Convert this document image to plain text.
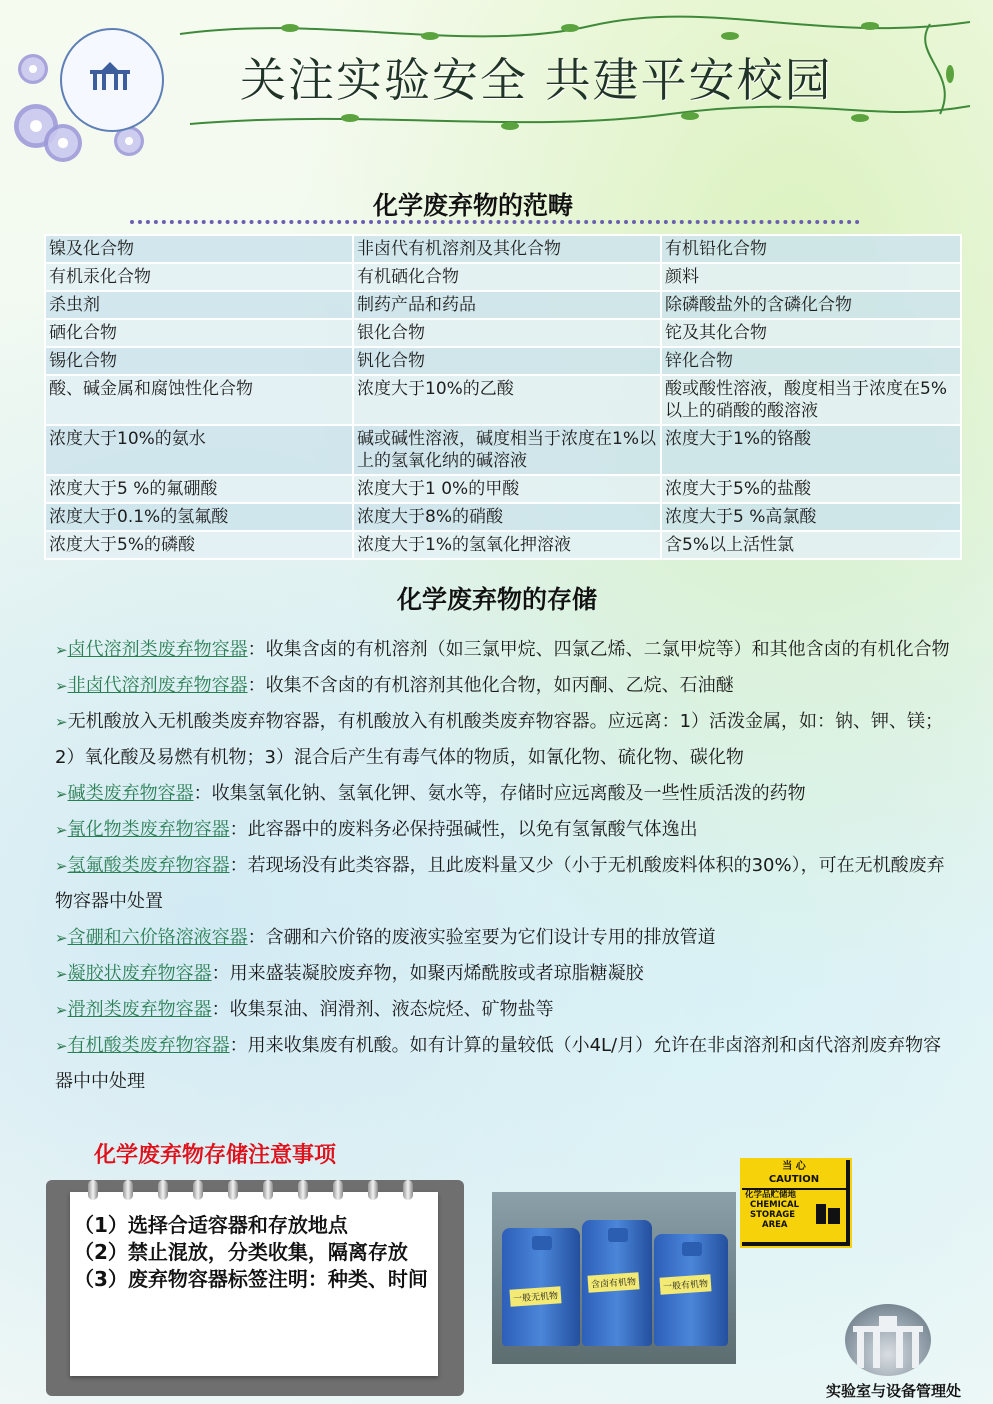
关注实验安全 共建平安校园
化学废弃物的范畴
镍及化合物	非卤代有机溶剂及其化合物	有机铅化合物
有机汞化合物	有机硒化合物	颜料
杀虫剂	制药产品和药品	除磷酸盐外的含磷化合物
硒化合物	银化合物	铊及其化合物
锡化合物	钒化合物	锌化合物
酸、碱金属和腐蚀性化合物	浓度大于10%的乙酸	酸或酸性溶液，酸度相当于浓度在5%以上的硝酸的酸溶液
浓度大于10%的氨水	碱或碱性溶液，碱度相当于浓度在1%以上的氢氧化纳的碱溶液	浓度大于1%的铬酸
浓度大于5 %的氟硼酸	浓度大于1 0%的甲酸	浓度大于5%的盐酸
浓度大于0.1%的氢氟酸	浓度大于8%的硝酸	浓度大于5 %高氯酸
浓度大于5%的磷酸	浓度大于1%的氢氧化押溶液	含5%以上活性氯
化学废弃物的存储

➢卤代溶剂类废弃物容器：收集含卤的有机溶剂（如三氯甲烷、四氯乙烯、二氯甲烷等）和其他含卤的有机化合物

➢非卤代溶剂废弃物容器：收集不含卤的有机溶剂其他化合物，如丙酮、乙烷、石油醚

➢无机酸放入无机酸类废弃物容器，有机酸放入有机酸类废弃物容器。应远离：1）活泼金属，如：钠、钾、镁；2）氧化酸及易燃有机物；3）混合后产生有毒气体的物质，如氰化物、硫化物、碳化物

➢碱类废弃物容器：收集氢氧化钠、氢氧化钾、氨水等，存储时应远离酸及一些性质活泼的药物

➢氰化物类废弃物容器：此容器中的废料务必保持强碱性，以免有氢氰酸气体逸出

➢氢氟酸类废弃物容器：若现场没有此类容器，且此废料量又少（小于无机酸废料体积的30%），可在无机酸废弃物容器中处置

➢含硼和六价铬溶液容器：含硼和六价铬的废液实验室要为它们设计专用的排放管道

➢凝胶状废弃物容器：用来盛装凝胶废弃物，如聚丙烯酰胺或者琼脂糖凝胶

➢滑剂类废弃物容器：收集泵油、润滑剂、液态烷烃、矿物盐等

➢有机酸类废弃物容器：用来收集废有机酸。如有计算的量较低（小4L/月）允许在非卤溶剂和卤代溶剂废弃物容器中中处理

化学废弃物存储注意事项

（1）选择合适容器和存放地点

（2）禁止混放，分类收集，隔离存放

（3）废弃物容器标签注明：种类、时间

一般无机物
含卤有机物	一般有机物
当 心
CAUTION
化学品贮储地
CHEMICAL
STORAGE
AREA
实验室与设备管理处
